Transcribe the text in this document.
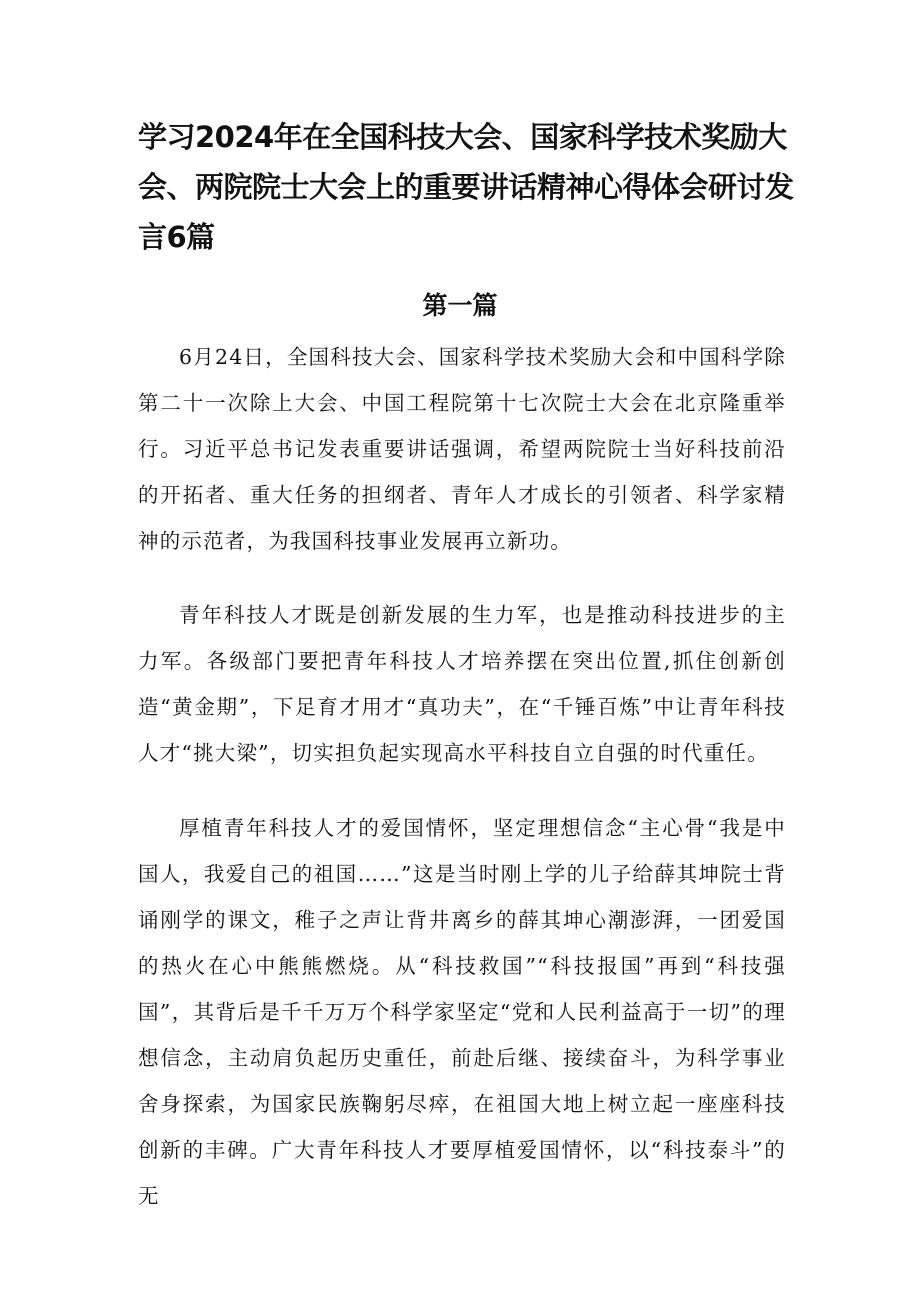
学习2024年在全国科技大会、国家科学技术奖励大会、两院院士大会上的重要讲话精神心得体会研讨发言6篇
第一篇

6月24日，全国科技大会、国家科学技术奖励大会和中国科学除第二十一次除上大会、中国工程院第十七次院士大会在北京隆重举行。习近平总书记发表重要讲话强调，希望两院院士当好科技前沿的开拓者、重大任务的担纲者、青年人才成长的引领者、科学家精神的示范者，为我国科技事业发展再立新功。

青年科技人才既是创新发展的生力军，也是推动科技进步的主力军。各级部门要把青年科技人才培养摆在突出位置,抓住创新创造“黄金期”，下足育才用才“真功夫”，在“千锤百炼”中让青年科技人才“挑大梁”，切实担负起实现高水平科技自立自强的时代重任。

厚植青年科技人才的爱国情怀，坚定理想信念“主心骨“我是中国人，我爱自己的祖国……”这是当时刚上学的儿子给薛其坤院士背诵刚学的课文，稚子之声让背井离乡的薛其坤心潮澎湃，一团爱国的热火在心中熊熊燃烧。从“科技救国”“科技报国”再到“科技强国”，其背后是千千万万个科学家坚定“党和人民利益高于一切”的理想信念，主动肩负起历史重任，前赴后继、接续奋斗，为科学事业舍身探索，为国家民族鞠躬尽瘁，在祖国大地上树立起一座座科技创新的丰碑。广大青年科技人才要厚植爱国情怀，以“科技泰斗”的无
